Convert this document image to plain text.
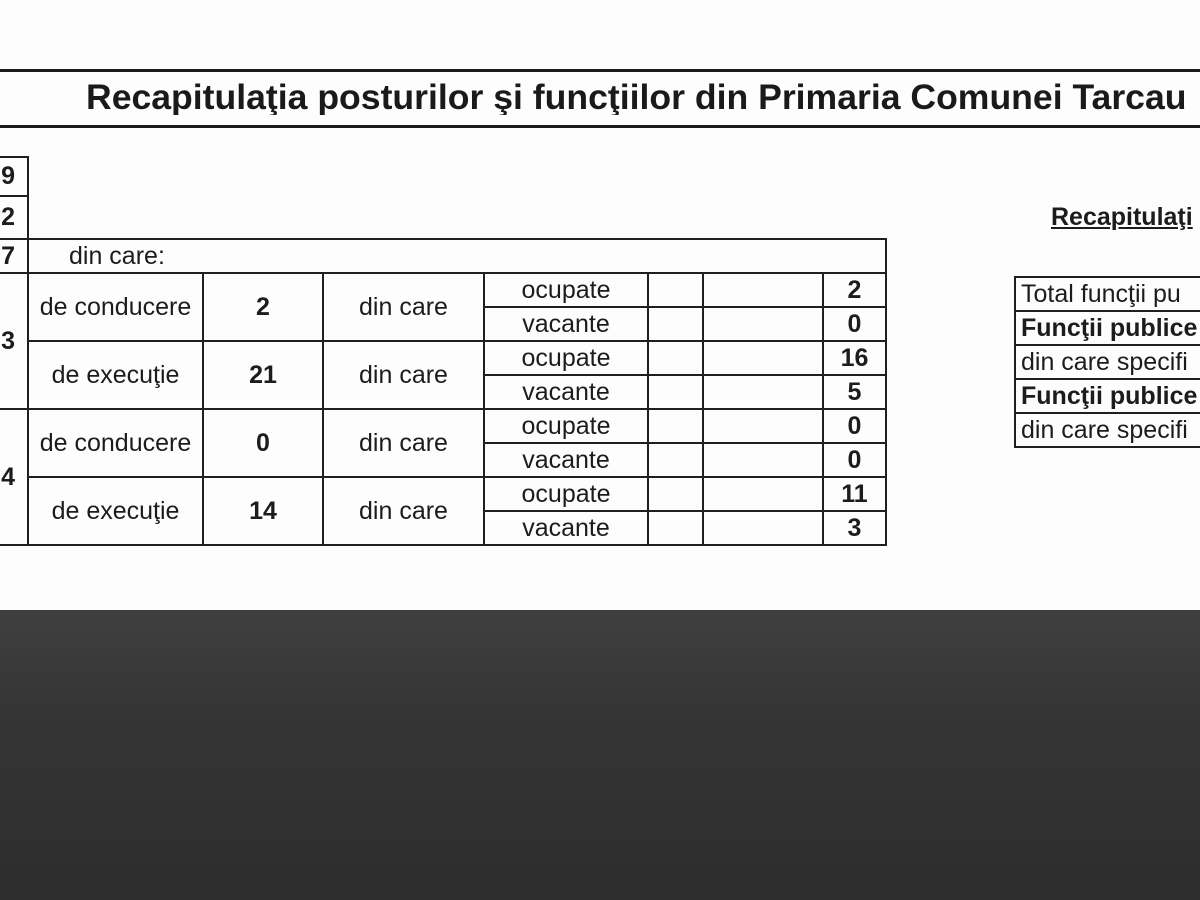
Recapitulaţia posturilor şi funcţiilor din Primaria Comunei Tarcau
9							
2							
7	din care:						
3	de conducere	2	din care	ocupate			2
				vacante			0
	de execuţie	21	din care	ocupate			16
				vacante			5
4	de conducere	0	din care	ocupate			0
				vacante			0
	de execuţie	14	din care	ocupate			11
				vacante			3
Recapitulaţi
Total funcţii pu
Funcţii publice
din care specifi
Funcţii publice
din care specifi
